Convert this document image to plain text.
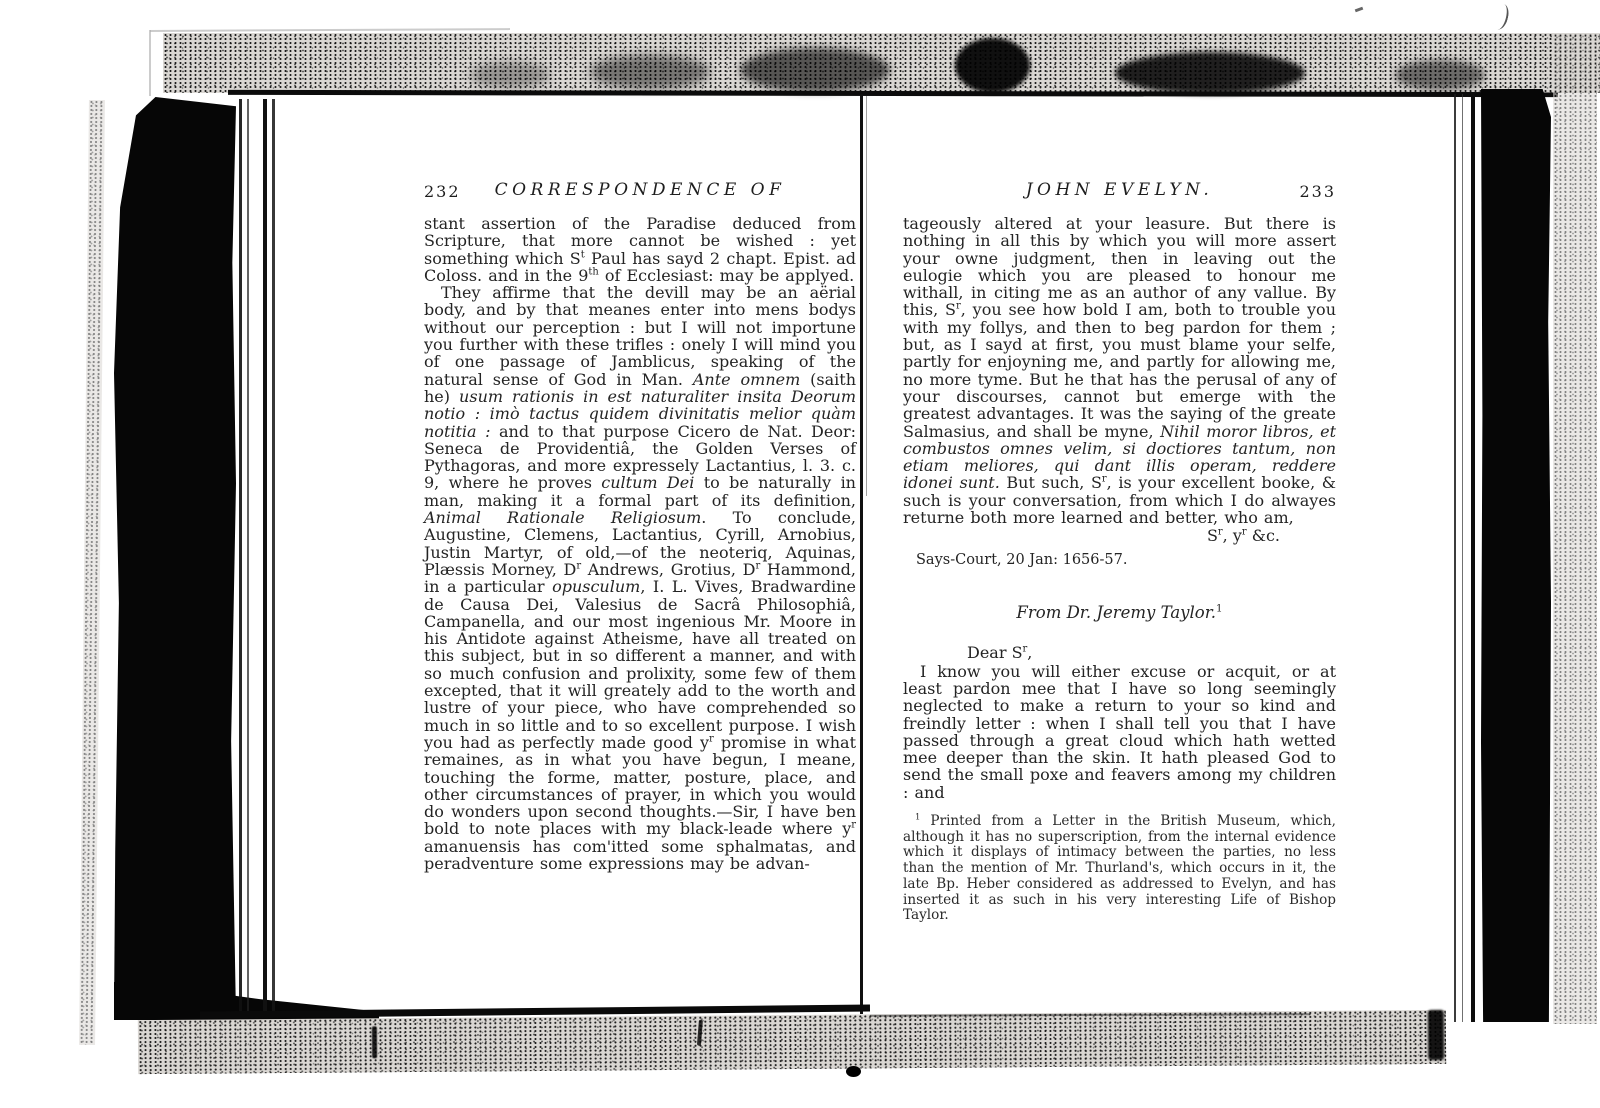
232	CORRESPONDENCE OF

stant assertion of the Paradise deduced from Scripture, that more cannot be wished : yet something which $S^t$ Paul has sayd 2 chapt. Epist. ad Coloss. and in the 9th of Ecclesiast: may be applyed.

They affirme that the devill may be an aërial body, and by that meanes enter into mens bodys without our perception : but I will not importune you further with these trifles : onely I will mind you of one passage of Jamblicus, speaking of the natural sense of God in Man. Ante omnem (saith he) usum rationis in est naturaliter insita Deorum notio : imò tactus quidem divinitatis melior quàm notitia : and to that purpose Cicero de Nat. Deor: Seneca de Providentiâ, the Golden Verses of Pythagoras, and more expressely Lactantius, l. 3. c. 9, where he proves cultum Dei to be naturally in man, making it a formal part of its definition, Animal Rationale Religiosum. To conclude, Augustine, Clemens, Lactantius, Cyrill, Arnobius, Justin Martyr, of old,—of the neoteriq, Aquinas, Plæssis Morney, $D^r$ Andrews, Grotius, $D^r$ Hammond, in a particular opusculum, I. L. Vives, Bradwardine de Causa Dei, Valesius de Sacrâ Philosophiâ, Campanella, and our most ingenious Mr. Moore in his Antidote against Atheisme, have all treated on this subject, but in so different a manner, and with so much confusion and prolixity, some few of them excepted, that it will greately add to the worth and lustre of your piece, who have comprehended so much in so little and to so excellent purpose. I wish you had as perfectly made good $y^r$ promise in what remaines, as in what you have begun, I meane, touching the forme, matter, posture, place, and other circumstances of prayer, in which you would do wonders upon second thoughts.—Sir, I have ben bold to note places with my black-leade where $y^r$ amanuensis has com'itted some sphalmatas, and peradventure some expressions may be advan-

JOHN EVELYN.	233

tageously altered at your leasure. But there is nothing in all this by which you will more assert your owne judgment, then in leaving out the eulogie which you are pleased to honour me withall, in citing me as an author of any vallue. By this, $S^r$, you see how bold I am, both to trouble you with my follys, and then to beg pardon for them ; but, as I sayd at first, you must blame your selfe, partly for enjoyning me, and partly for allowing me, no more tyme. But he that has the perusal of any of your discourses, cannot but emerge with the greatest advantages. It was the saying of the greate Salmasius, and shall be myne, Nihil moror libros, et combustos omnes velim, si doctiores tantum, non etiam meliores, qui dant illis operam, reddere idonei sunt. But such, $S^r$, is your excellent booke, & such is your conversation, from which I do alwayes returne both more learned and better, who am,

$S^r$, $y^r$ &c.
Says-Court, 20 Jan: 1656-57.
From Dr. Jeremy Taylor.$^1$
Dear $S^r$,

I know you will either excuse or acquit, or at least pardon mee that I have so long seemingly neglected to make a return to your so kind and freindly letter : when I shall tell you that I have passed through a great cloud which hath wetted mee deeper than the skin. It hath pleased God to send the small poxe and feavers among my children : and

$^1$ Printed from a Letter in the British Museum, which, although it has no superscription, from the internal evidence which it displays of intimacy between the parties, no less than the mention of Mr. Thurland's, which occurs in it, the late Bp. Heber considered as addressed to Evelyn, and has inserted it as such in his very interesting Life of Bishop Taylor.
